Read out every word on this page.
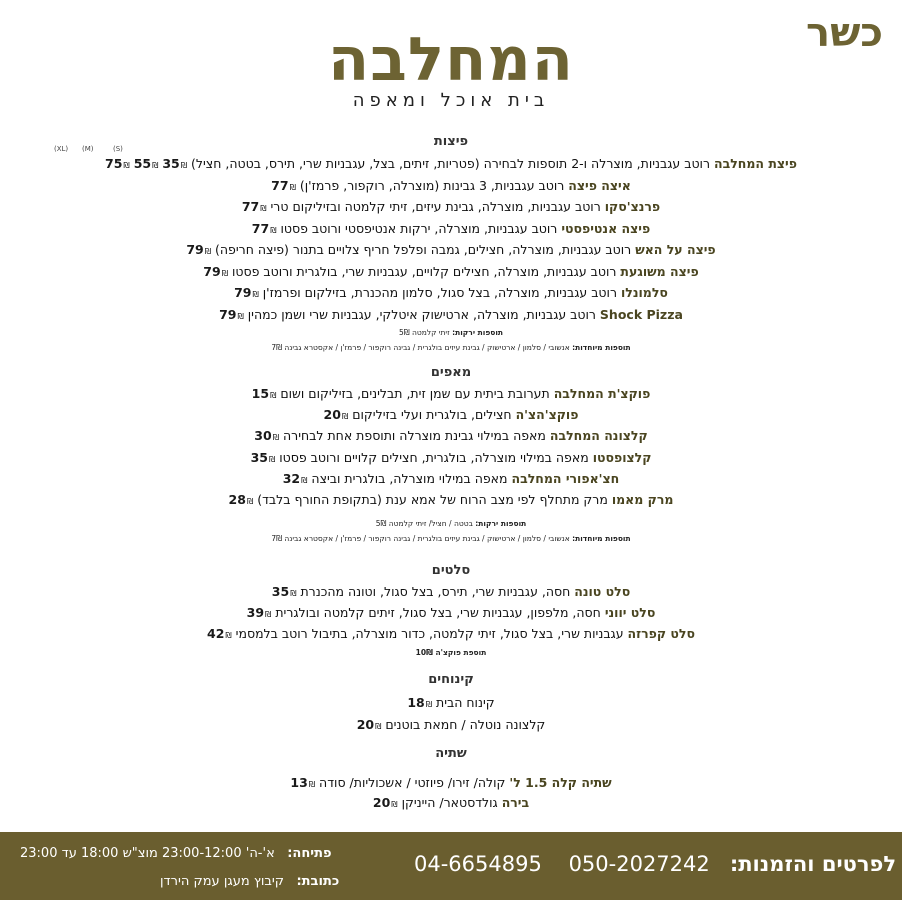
כשר
המחלבה
בית אוכל ומאפה
(S)
(M)
(XL)	פיצות
פיצת המחלבה רוטב עגבניות, מוצרלה ו-2 תוספות לבחירה (פטריות, זיתים, בצל, עגבניות שרי, תירס, בטטה, חציל) 35₪ 55₪ 75₪
איצה פיצה רוטב עגבניות, 3 גבינות (מוצרלה, רוקפור, פרמז'ן) 77₪
פרנצ'סקו רוטב עגבניות, מוצרלה, גבינת עיזים, זיתי קלמטה ובזיליקום טרי 77₪
פיצה אנטיפסטי רוטב עגבניות, מוצרלה, ירקות אנטיפסטי ורוטב פסטו 77₪
פיצה על האש רוטב עגבניות, מוצרלה, חצילים, גמבה ופלפל חריף צלויים בתנור (פיצה חריפה) 79₪
פיצה משוגעת רוטב עגבניות, מוצרלה, חצילים קלויים, עגבניות שרי, בולגרית ורוטב פסטו 79₪
סלמונלו רוטב עגבניות, מוצרלה, בצל סגול, סלמון מהכנרת, בזילקום ופרמז'ן 79₪
Shock Pizza רוטב עגבניות, מוצרלה, ארטישוק איטלקי, עגבניות שרי ושמן כמהין 79₪
תוספות ירקות: זיתי קלמטה 5₪
תוספות מיוחדות: אנשובי / סלמון / ארטישוק / גבינת עיזים בולגרית / גבינה רוקפור / פרמז'ן / אקסטרא גבינה 7₪
מאפים
פוקצ'ת המחלבה תערובת ביתית עם שמן זית, תבלינים, בזיליקום ושום 15₪
פוקצ'הצ'ה חצילים, בולגרית ועלי בזיליקום 20₪
קלצונה המחלבה מאפה במילוי גבינת מוצרלה ותוספת אחת לבחירה 30₪
קלצופסטו מאפה במילוי מוצרלה, בולגרית, חצילים קלויים ורוטב פסטו 35₪
חצ'אפורי המחלבה מאפה במילוי מוצרלה, בולגרית וביצה 32₪
מרק מאמו מרק מתחלף לפי מצב הרוח של אמא ענת (בתקופת החורף בלבד) 28₪
תוספות ירקות: בטטה / חציל/ זיתי קלמטה 5₪
תוספות מיוחדות: אנשובי / סלמון / ארטישוק / גבינת עיזים בולגרית / גבינה רוקפור / פרמז'ן / אקסטרא גבינה 7₪
סלטים
סלט טונה חסה, עגבניות שרי, תירס, בצל סגול, וטונה מהכנרת 35₪
סלט יווני חסה, מלפפון, עגבניות שרי, בצל סגול, זיתים קלמטה ובולגרית 39₪
סלט קפרזה עגבניות שרי, בצל סגול, זיתי קלמטה, כדור מוצרלה, בתיבול רוטב בלמסמי 42₪
תוספת פוקצ'ה 10₪
קינוחים
קינוח הבית 18₪
קלצונה נוטלה / חמאת בוטנים 20₪
שתיה
שתיה קלה 1.5 ל' קולה/ זירו/ פיוזטי / אשכוליות/ סודה 13₪
בירה גולדסטאר/ הייניקן 20₪
לפרטים והזמנות:   050-2027242    04-6654895
פתיחה:   א'-ה' 23:00-12:00 מוצ"ש 18:00 עד 23:00
כתובת:   קיבוץ מעגן עמק הירדן
